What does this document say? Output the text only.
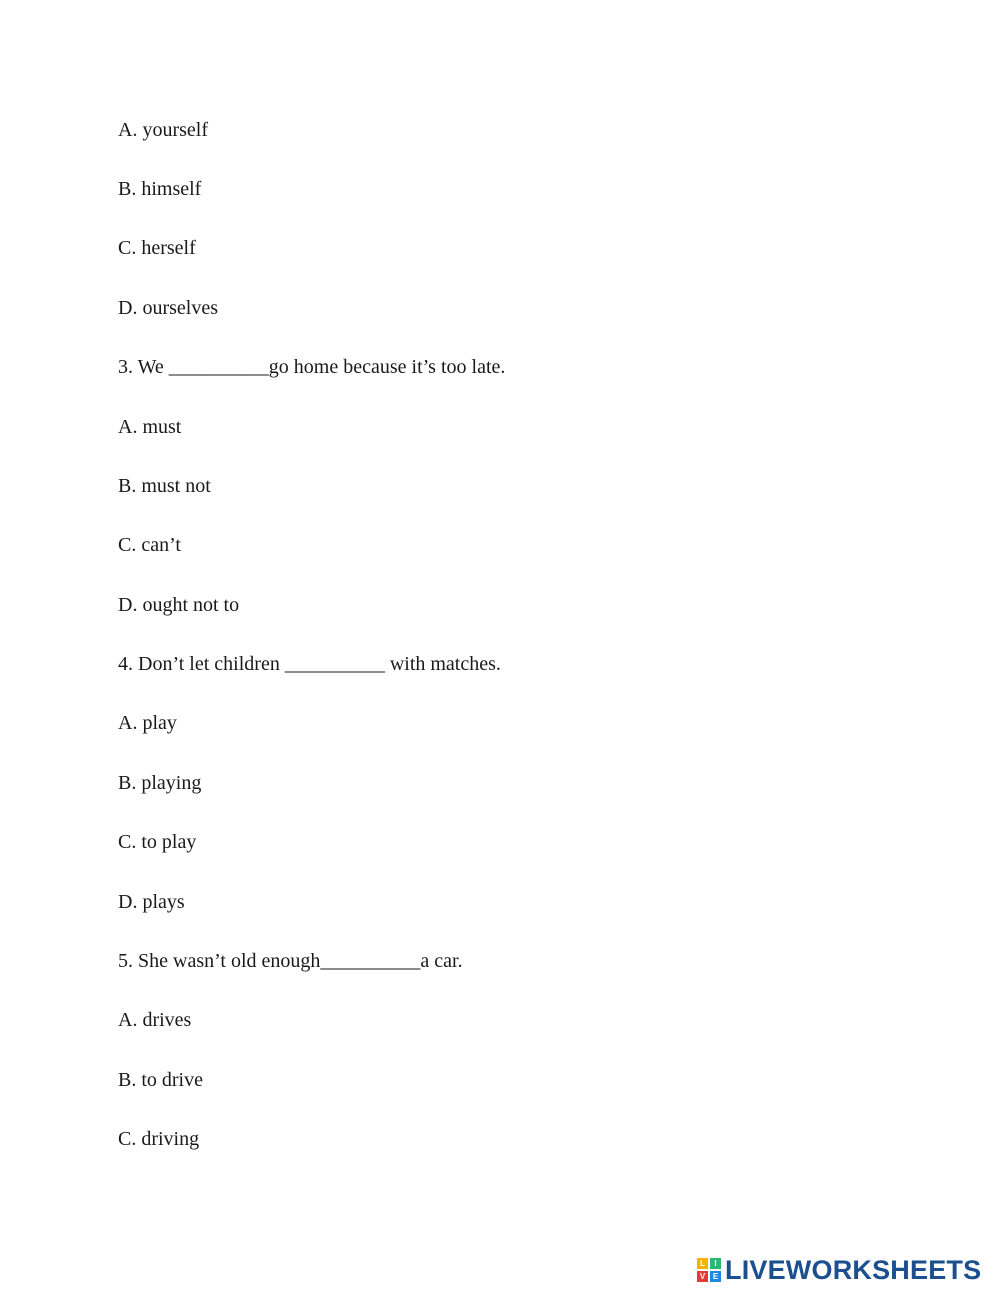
A. yourself
B. himself
C. herself
D. ourselves
3. We __________go home because it’s too late.
A. must
B. must not
C. can’t
D. ought not to
4. Don’t let children __________ with matches.
A. play
B. playing
C. to play
D. plays
5. She wasn’t old enough__________a car.
A. drives
B. to drive
C. driving
L	I
V E LIVEWORKSHEETS
